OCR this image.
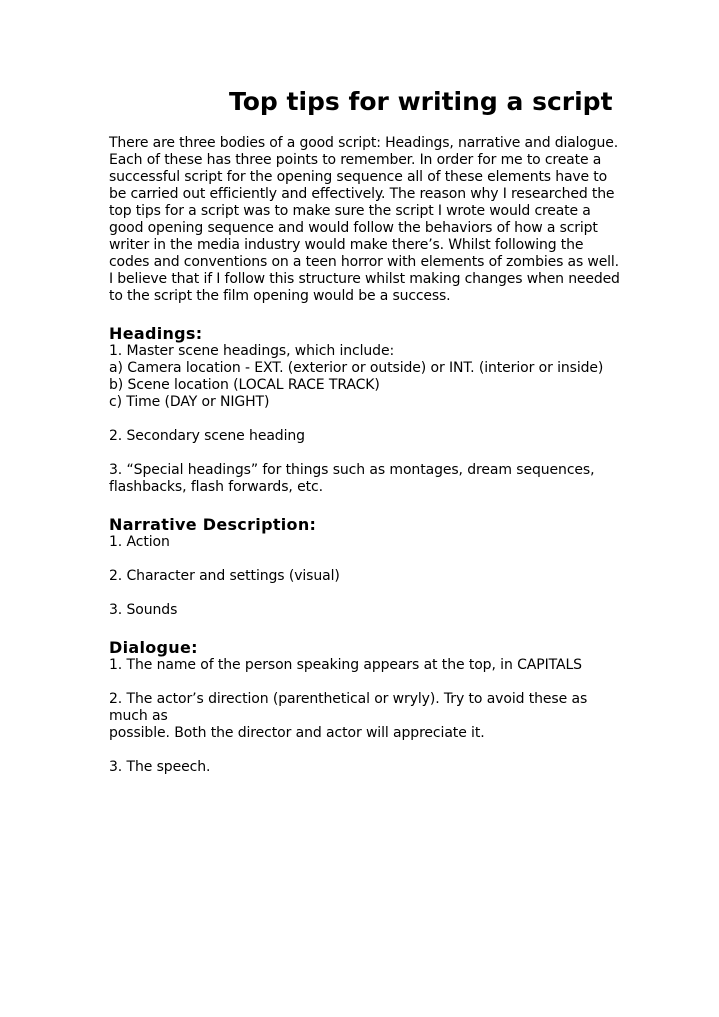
Top tips for writing a script

There are three bodies of a good script: Headings, narrative and dialogue. Each of these has three points to remember. In order for me to create a successful script for the opening sequence all of these elements have to be carried out efficiently and effectively. The reason why I researched the top tips for a script was to make sure the script I wrote would create a good opening sequence and would follow the behaviors of how a script writer in the media industry would make there’s. Whilst following the codes and conventions on a teen horror with elements of zombies as well. I believe that if I follow this structure whilst making changes when needed to the script the film opening would be a success.

Headings:
1. Master scene headings, which include:
a) Camera location - EXT. (exterior or outside) or INT. (interior or inside)
b) Scene location (LOCAL RACE TRACK)
c) Time (DAY or NIGHT)
2. Secondary scene heading
3. “Special headings” for things such as montages, dream sequences, flashbacks, flash forwards, etc.
Narrative Description:
1. Action
2. Character and settings (visual)
3. Sounds
Dialogue:
1. The name of the person speaking appears at the top, in CAPITALS
2. The actor’s direction (parenthetical or wryly). Try to avoid these as much as
possible. Both the director and actor will appreciate it.
3. The speech.
